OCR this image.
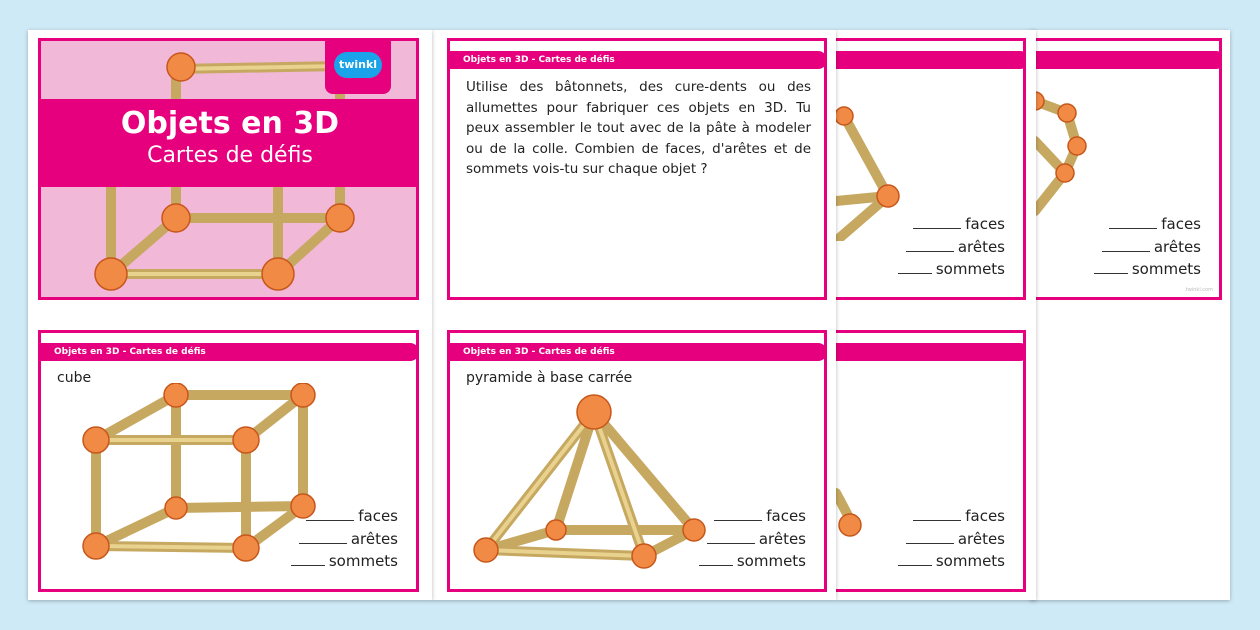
faces
arêtes
sommets
twinkl.com
faces
arêtes
sommets
faces
arêtes
sommets
Objets en 3D - Cartes de défis
Utilise des bâtonnets, des cure-dents ou des allumettes pour fabriquer ces objets en 3D. Tu peux assembler le tout avec de la pâte à modeler ou de la colle. Combien de faces, d'arêtes et de sommets vois-tu sur chaque objet ?
Objets en 3D - Cartes de défis
pyramide à base carrée
faces
arêtes
sommets
twinkl
Objets en 3D
Cartes de défis
Objets en 3D - Cartes de défis
cube
faces
arêtes
sommets
